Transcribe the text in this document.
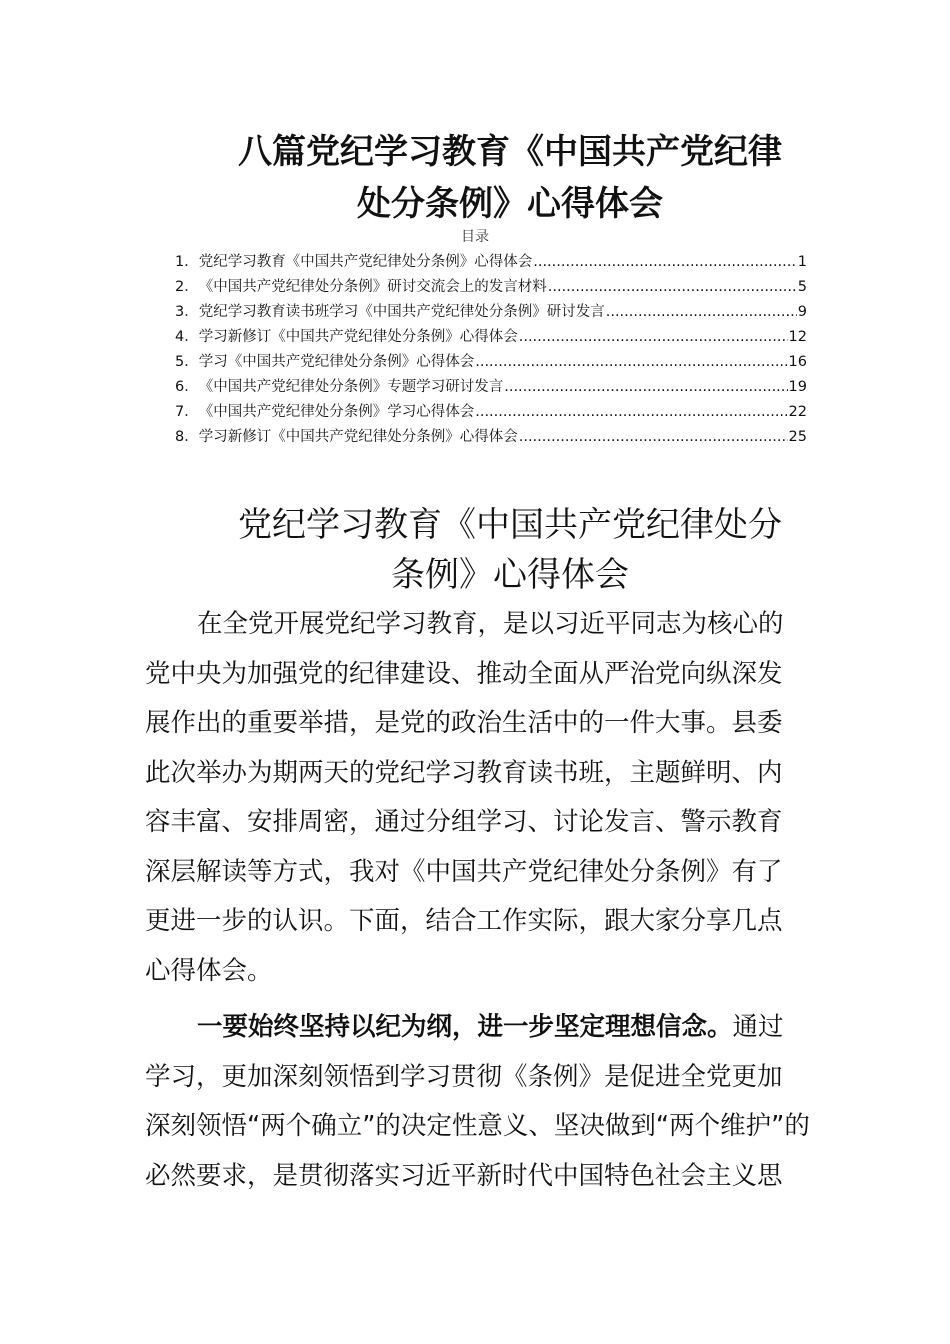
八篇党纪学习教育《中国共产党纪律
处分条例》心得体会
目录
1． 党纪学习教育《中国共产党纪律处分条例》心得体会 .....	1
2． 《中国共产党纪律处分条例》研讨交流会上的发言材料 .....	5
3． 党纪学习教育读书班学习《中国共产党纪律处分条例》研讨发言 .....	9
4． 学习新修订《中国共产党纪律处分条例》心得体会 .....	12
5． 学习《中国共产党纪律处分条例》心得体会 .....	16
6． 《中国共产党纪律处分条例》专题学习研讨发言 .....	19
7． 《中国共产党纪律处分条例》学习心得体会 .....	22
8． 学习新修订《中国共产党纪律处分条例》心得体会 .....	25
党纪学习教育《中国共产党纪律处分
条例》心得体会
在全党开展党纪学习教育，是以习近平同志为核心的
党中央为加强党的纪律建设、推动全面从严治党向纵深发
展作出的重要举措，是党的政治生活中的一件大事。县委
此次举办为期两天的党纪学习教育读书班，主题鲜明、内
容丰富、安排周密，通过分组学习、讨论发言、警示教育
深层解读等方式，我对《中国共产党纪律处分条例》有了
更进一步的认识。下面，结合工作实际，跟大家分享几点
心得体会。
一要始终坚持以纪为纲，进一步坚定理想信念。通过
学习，更加深刻领悟到学习贯彻《条例》是促进全党更加
深刻领悟“两个确立”的决定性意义、坚决做到“两个维护”的
必然要求，是贯彻落实习近平新时代中国特色社会主义思
